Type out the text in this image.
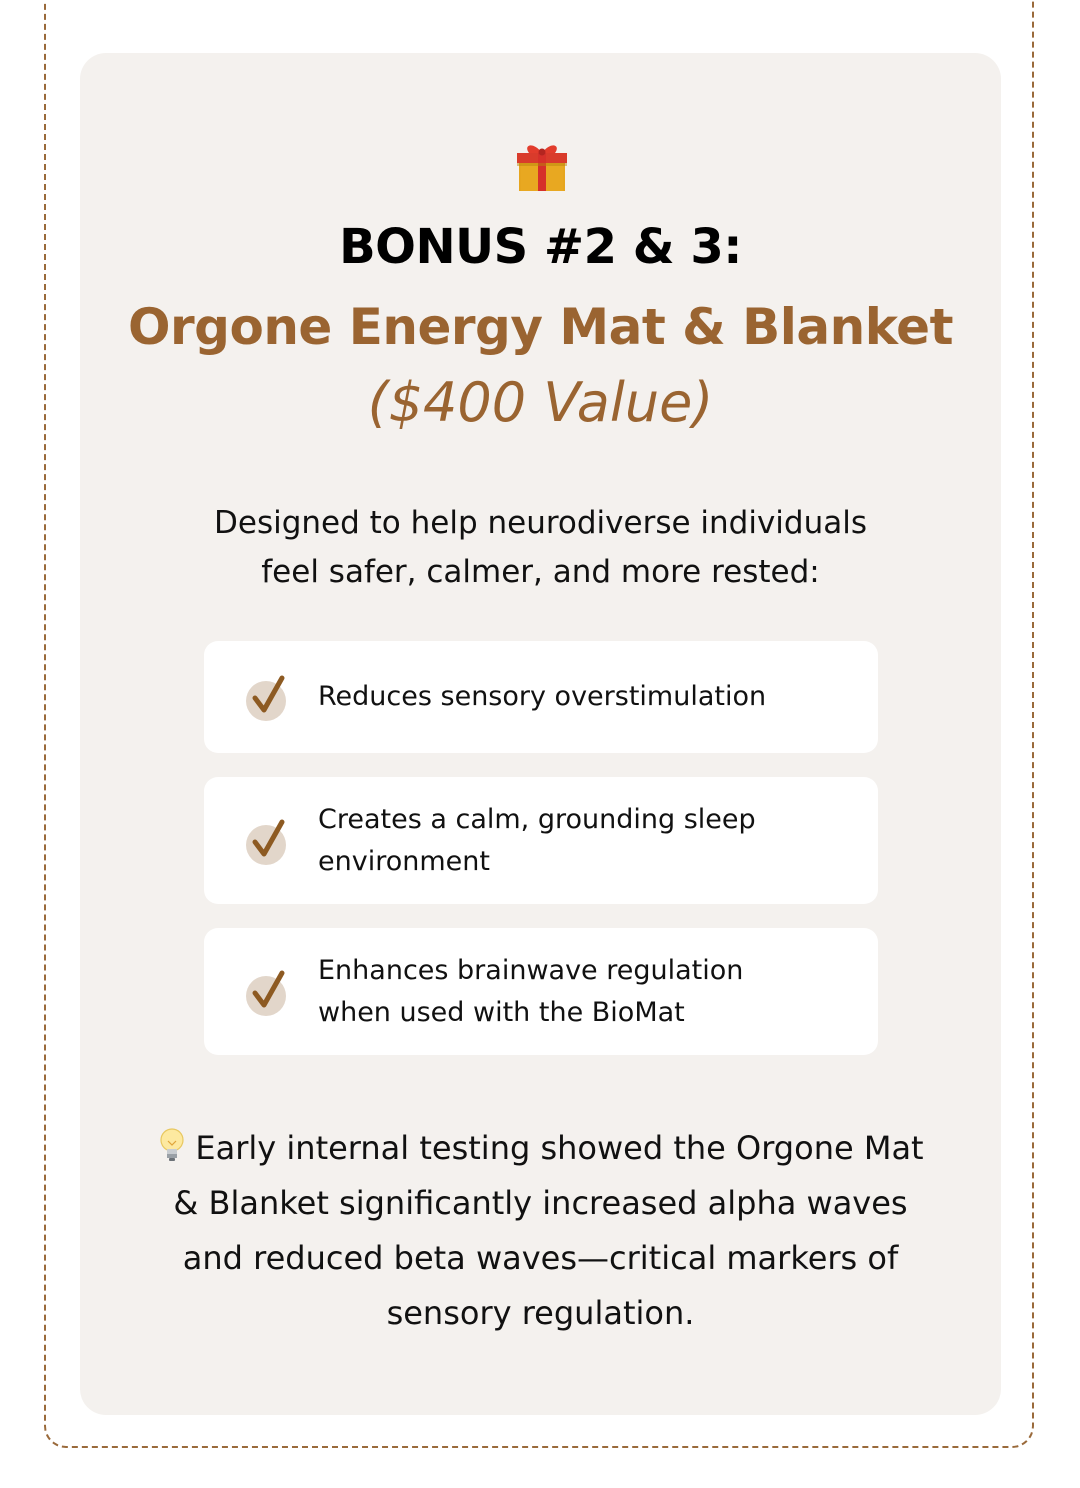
BONUS #2 & 3:
Orgone Energy Mat & Blanket
($400 Value)
Designed to help neurodiverse individuals
feel safer, calmer, and more rested:
Reduces sensory overstimulation
Creates a calm, grounding sleep
environment
Enhances brainwave regulation
when used with the BioMat
Early internal testing showed the Orgone Mat
& Blanket significantly increased alpha waves
and reduced beta waves—critical markers of
sensory regulation.
